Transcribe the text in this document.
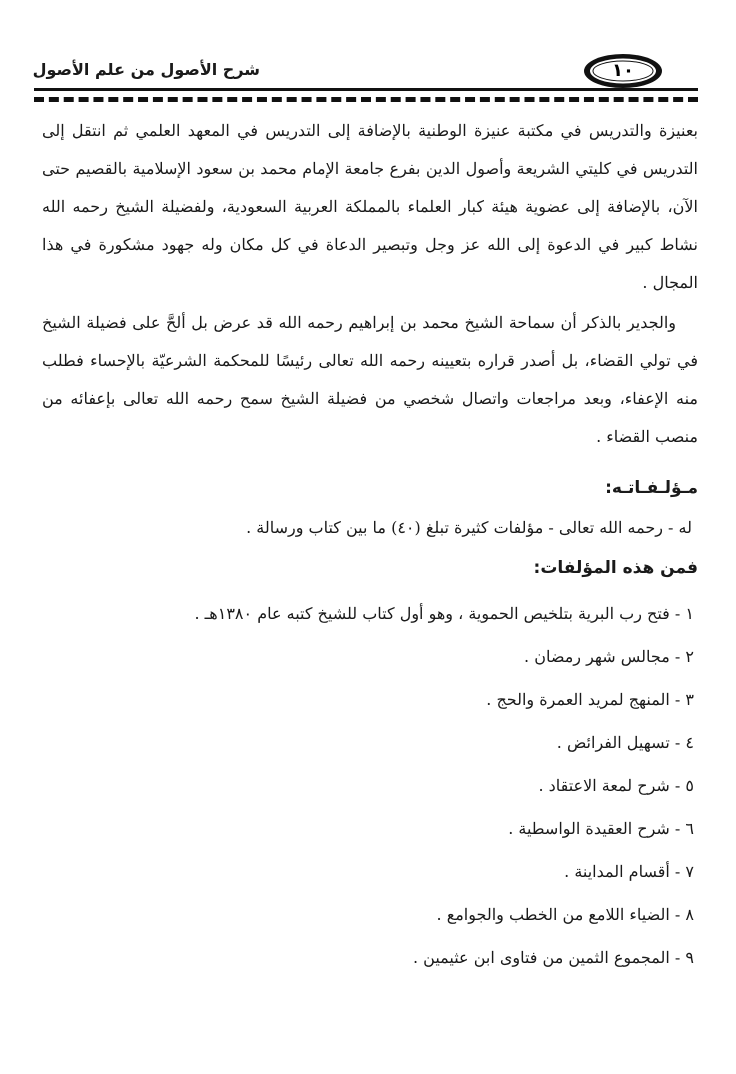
١٠
شرح الأصول من علم الأصول

بعنيزة والتدريس في مكتبة عنيزة الوطنية بالإضافة إلى التدريس في المعهد العلمي ثم انتقل إلى التدريس في كليتي الشريعة وأصول الدين بفرع جامعة الإمام محمد بن سعود الإسلامية بالقصيم حتى الآن، بالإضافة إلى عضوية هيئة كبار العلماء بالمملكة العربية السعودية، ولفضيلة الشيخ رحمه الله نشاط كبير في الدعوة إلى الله عز وجل وتبصير الدعاة في كل مكان وله جهود مشكورة في هذا المجال .

والجدير بالذكر أن سماحة الشيخ محمد بن إبراهيم رحمه الله قد عرض بل ألحَّ على فضيلة الشيخ في تولي القضاء، بل أصدر قراره بتعيينه رحمه الله تعالى رئيسًا للمحكمة الشرعيّة بالإحساء فطلب منه الإعفاء، وبعد مراجعات واتصال شخصي من فضيلة الشيخ سمح رحمه الله تعالى بإعفائه من منصب القضاء .

مـؤلـفـاتـه:

له - رحمه الله تعالى - مؤلفات كثيرة تبلغ (٤٠) ما بين كتاب ورسالة .

فمن هذه المؤلفات:

١ - فتح رب البرية بتلخيص الحموية ، وهو أول كتاب للشيخ كتبه عام ١٣٨٠هـ .
٢ - مجالس شهر رمضان .
٣ - المنهج لمريد العمرة والحج .
٤ - تسهيل الفرائض .
٥ - شرح لمعة الاعتقاد .
٦ - شرح العقيدة الواسطية .
٧ - أقسام المداينة .
٨ - الضياء اللامع من الخطب والجوامع .
٩ - المجموع الثمين من فتاوى ابن عثيمين .
